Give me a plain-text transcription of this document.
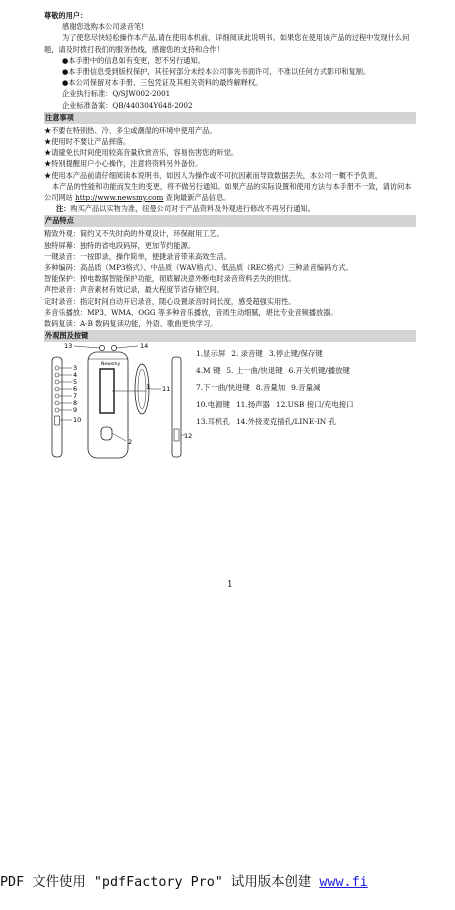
尊敬的用户：

感谢您选购本公司录音笔!

为了使您尽快轻松操作本产品,请在使用本机前，详细阅读此说明书。如果您在使用该产品的过程中发现什么问题，请及时拨打我们的服务热线，感谢您的支持和合作！

●本手册中的信息如有变更，恕不另行通知。

●本手册信息受到版权保护，其任何部分未经本公司事先书面许可，不准以任何方式影印和复制。

●本公司保留对本手册、三包凭证及其相关资料的最终解释权。

企业执行标准：Q/SJW002-2001

企业标准备案：QB/440304Y648-2002

注意事项

★不要在特别热、冷、多尘或潮湿的环境中使用产品。

★使用时不要让产品摔落。

★请避免长时间使用较高音量欣赏音乐，容易伤害您的听觉。

★特别提醒用户小心操作，注意将资料另外备份。

★使用本产品前请仔细阅读本说明书，如因人为操作或不可抗因素而导致数据丢失，本公司一概不予负责。

本产品的性能和功能而发生的变更，将不做另行通知。如果产品的实际设置和使用方法与本手册不一致，请访问本公司网站 http://www.newsmy.com 查询最新产品信息。

注：购买产品以实物为准，纽曼公司对于产品资料及外观进行修改不再另行通知。

产品特点

精致外观：简约又不失时尚的外观设计，环保耐用工艺。

独特屏幕：独特的省电段码屏，更加节约能源。

一键录音：一按即录，操作简单，便捷录音带来高效生活。

多种编码：高品质（MP3格式）、中品质（WAV格式）、低品质（REC格式）三种录音编码方式。

智能保护：掉电数据智能保护功能，彻底解决意外断电时录音资料丢失的担忧。

声控录音：声音素材有效记录，最大程度节省存储空间。

定时录音：指定时间自动开启录音，随心设置录音时间长度，感受超强实用性。

多音乐播放：MP3、WMA、OGG 等多种音乐播放，音质生动细腻，堪比专业音频播放器。

数码复读：A-B 数码复读功能，外语、歌曲更快学习。

外观图及按键
Newsmy
13	14
3
4
5
6
7
8
9
10
1 11
2
12
1.显示屏 2. 录音键 3.停止键/保存键
4.M 键 5. 上一曲/快退键 6.开关机键/播放键
7.下一曲/快进键 8.音量加 9.音量减
10.电源键 11.扬声器 12.USB 接口/充电接口
13.耳机孔 14.外接麦克插孔/LINE-IN 孔
1
PDF 文件使用 "pdfFactory Pro" 试用版本创建 www.fi
